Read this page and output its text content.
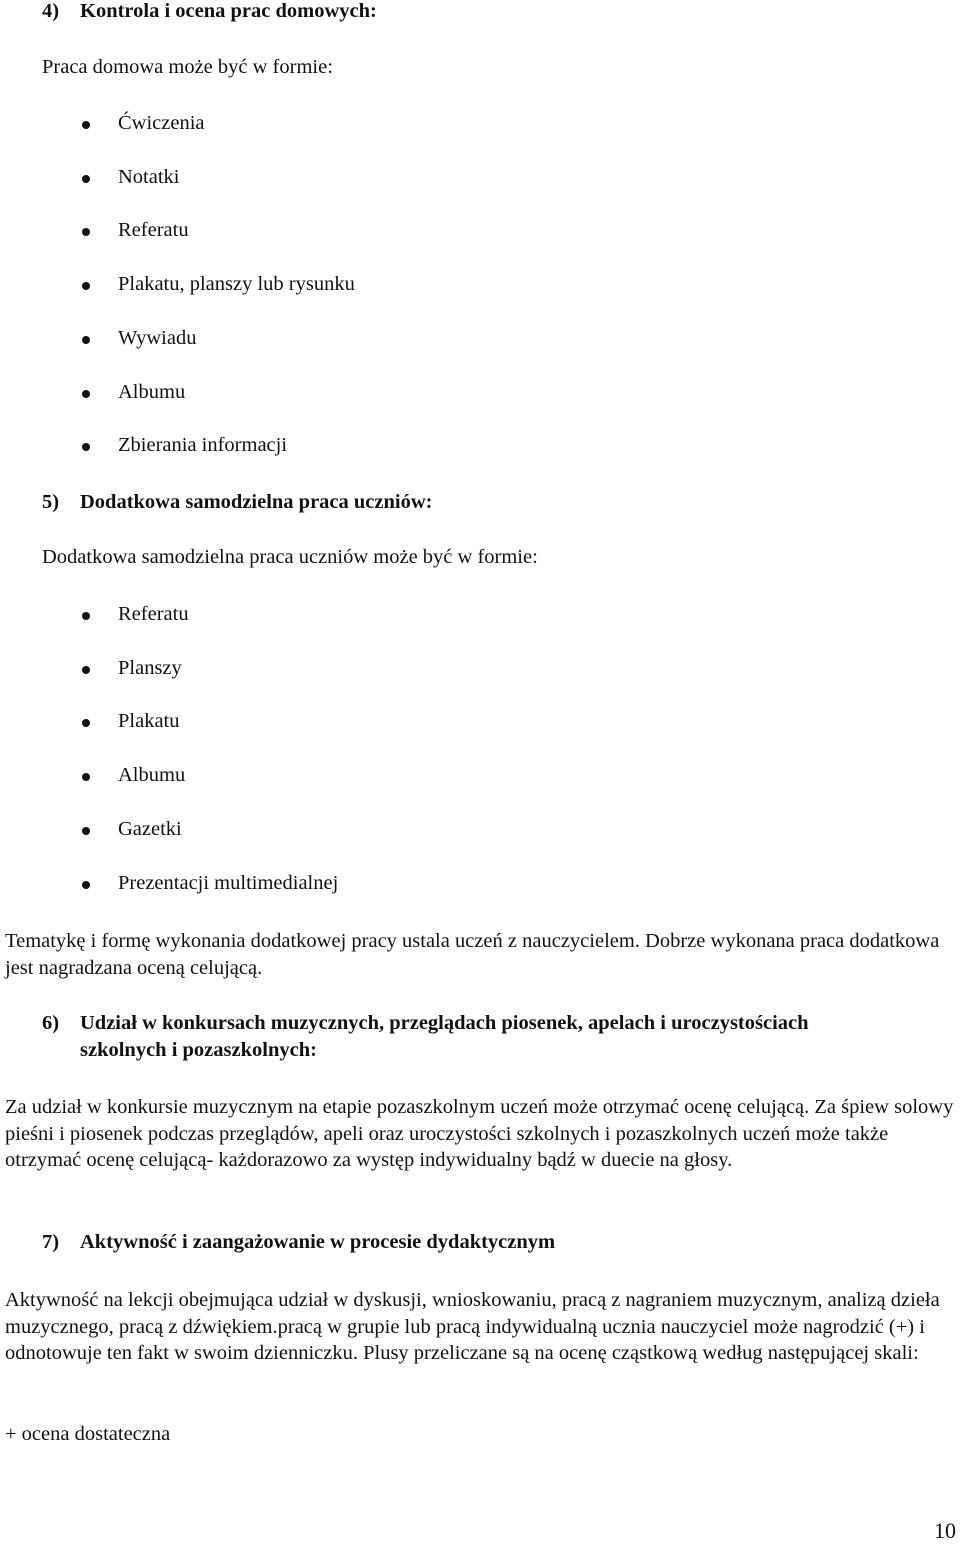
4) Kontrola i ocena prac domowych:
Praca domowa może być w formie:
Ćwiczenia
Notatki
Referatu
Plakatu, planszy lub rysunku
Wywiadu
Albumu
Zbierania informacji
5) Dodatkowa samodzielna praca uczniów:
Dodatkowa samodzielna praca uczniów może być w formie:
Referatu
Planszy
Plakatu
Albumu
Gazetki
Prezentacji multimedialnej
Tematykę i formę wykonania dodatkowej pracy ustala uczeń z nauczycielem. Dobrze wykonana praca dodatkowa jest nagradzana oceną celującą.
6) Udział w konkursach muzycznych, przeglądach piosenek, apelach i uroczystościach
szkolnych i pozaszkolnych:
Za udział w konkursie muzycznym na etapie pozaszkolnym uczeń może otrzymać ocenę celującą. Za śpiew solowy pieśni i piosenek podczas przeglądów, apeli oraz uroczystości szkolnych i pozaszkolnych uczeń może także otrzymać ocenę celującą- każdorazowo za występ indywidualny bądź w duecie na głosy.
7) Aktywność i zaangażowanie w procesie dydaktycznym
Aktywność na lekcji obejmująca udział w dyskusji, wnioskowaniu, pracą z nagraniem muzycznym, analizą dzieła muzycznego, pracą z dźwiękiem.pracą w grupie lub pracą indywidualną ucznia nauczyciel może nagrodzić (+) i odnotowuje ten fakt w swoim dzienniczku. Plusy przeliczane są na ocenę cząstkową według następującej skali:
+ ocena dostateczna
10
